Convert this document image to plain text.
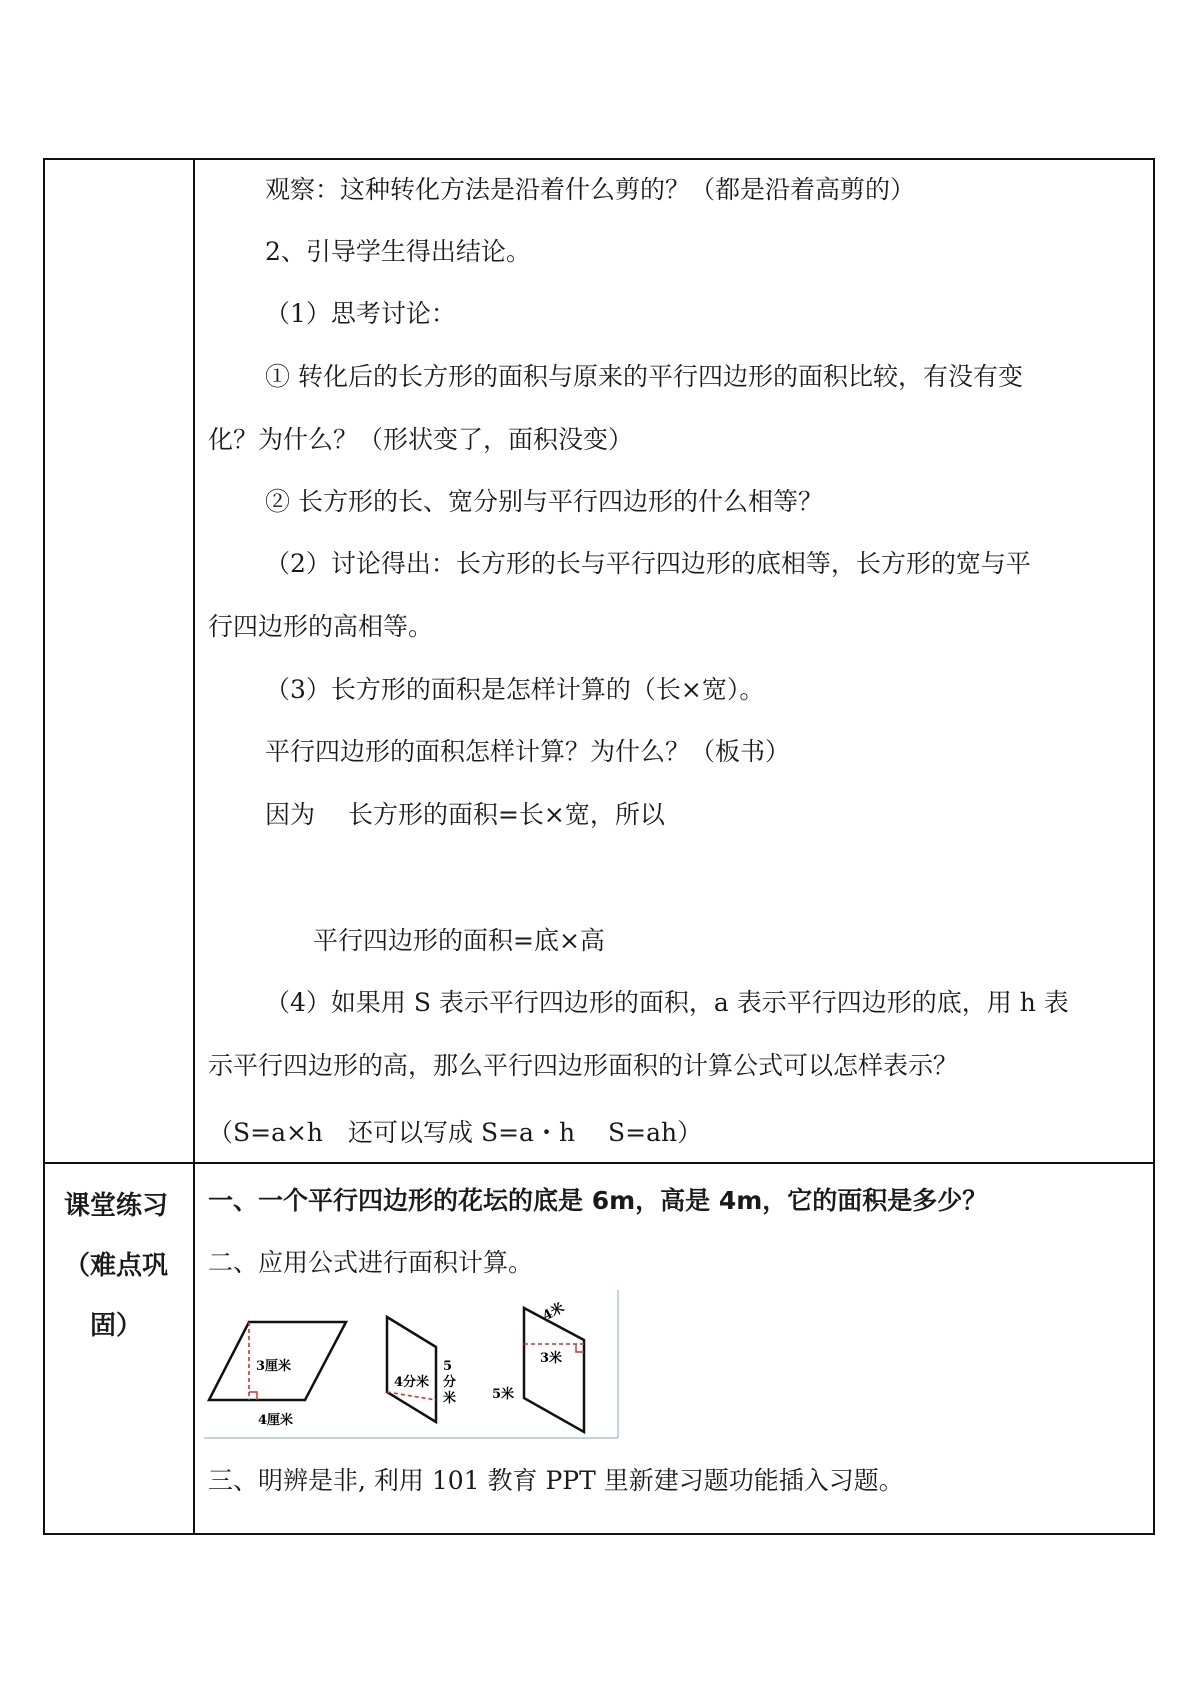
观察：这种转化方法是沿着什么剪的？（都是沿着高剪的）
2、引导学生得出结论。
（1）思考讨论：
① 转化后的长方形的面积与原来的平行四边形的面积比较，有没有变
化？为什么？（形状变了，面积没变）
② 长方形的长、宽分别与平行四边形的什么相等？
（2）讨论得出：长方形的长与平行四边形的底相等，长方形的宽与平
行四边形的高相等。
（3）长方形的面积是怎样计算的（长×宽）。
平行四边形的面积怎样计算？为什么？（板书）
因为　 长方形的面积=长×宽，所以
平行四边形的面积=底×高
（4）如果用 S 表示平行四边形的面积，a 表示平行四边形的底，用 h 表
示平行四边形的高，那么平行四边形面积的计算公式可以怎样表示？
（S=a×h　还可以写成 S=a・h　 S=ah）
课堂练习
（难点巩
固）
一、一个平行四边形的花坛的底是 6m，高是 4m，它的面积是多少？
二、应用公式进行面积计算。
三、明辨是非, 利用 101 教育 PPT 里新建习题功能插入习题。
3厘米
4厘米
4分米
5
分
米
4米
3米
5米
